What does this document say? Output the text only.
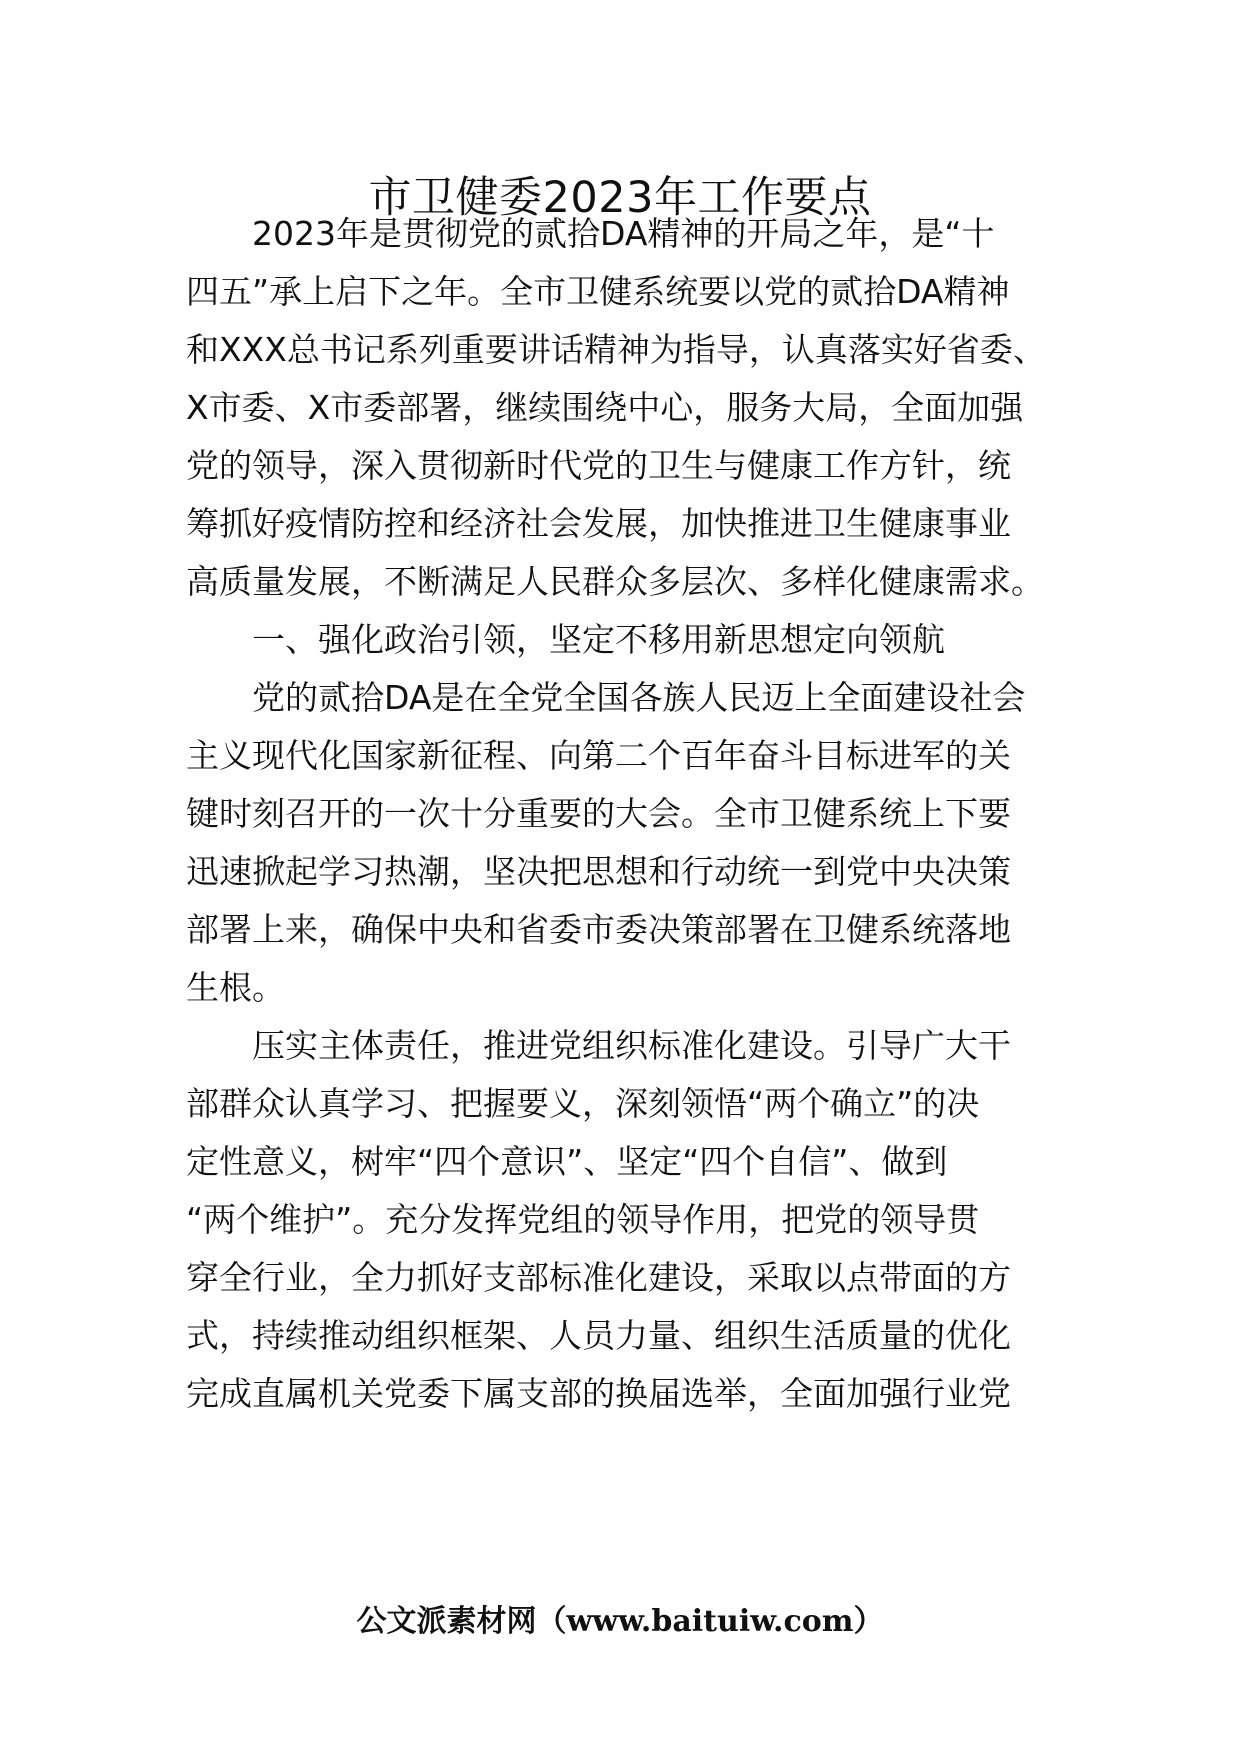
市卫健委2023年工作要点
　　2023年是贯彻党的贰拾DA精神的开局之年，是“十
四五”承上启下之年。全市卫健系统要以党的贰拾DA精神
和XXX总书记系列重要讲话精神为指导，认真落实好省委、
X市委、X市委部署，继续围绕中心，服务大局，全面加强
党的领导，深入贯彻新时代党的卫生与健康工作方针，统
筹抓好疫情防控和经济社会发展，加快推进卫生健康事业
高质量发展，不断满足人民群众多层次、多样化健康需求。
　　一、强化政治引领，坚定不移用新思想定向领航
　　党的贰拾DA是在全党全国各族人民迈上全面建设社会
主义现代化国家新征程、向第二个百年奋斗目标进军的关
键时刻召开的一次十分重要的大会。全市卫健系统上下要
迅速掀起学习热潮，坚决把思想和行动统一到党中央决策
部署上来，确保中央和省委市委决策部署在卫健系统落地
生根。
　　压实主体责任，推进党组织标准化建设。引导广大干
部群众认真学习、把握要义，深刻领悟“两个确立”的决
定性意义，树牢“四个意识”、坚定“四个自信”、做到
“两个维护”。充分发挥党组的领导作用，把党的领导贯
穿全行业，全力抓好支部标准化建设，采取以点带面的方
式，持续推动组织框架、人员力量、组织生活质量的优化
完成直属机关党委下属支部的换届选举，全面加强行业党
公文派素材网（www.baituiw.com）
